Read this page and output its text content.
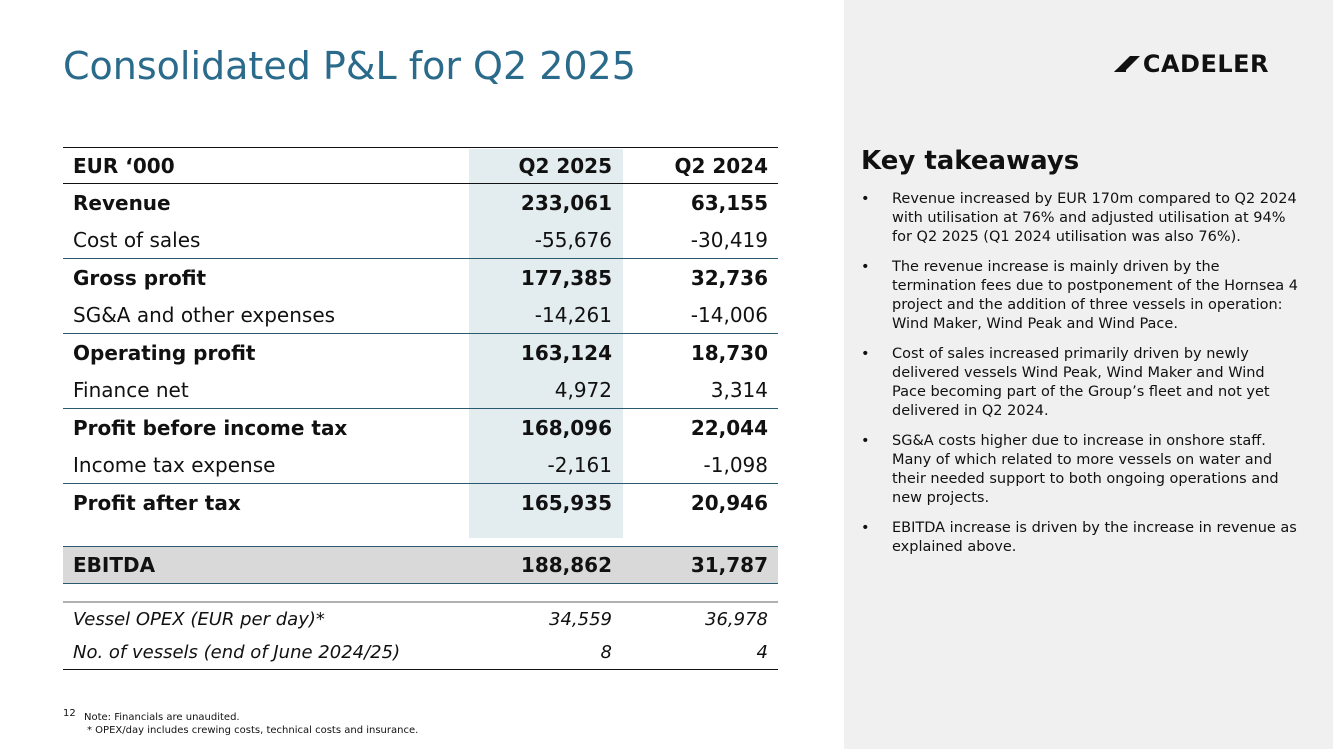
Consolidated P&L for Q2 2025	CADELER
EUR ‘000	Q2 2025	Q2 2024
Revenue	233,061	63,155
Cost of sales	-55,676	-30,419
Gross profit	177,385	32,736
SG&A and other expenses	-14,261	-14,006
Operating profit	163,124	18,730
Finance net	4,972	3,314
Profit before income tax	168,096	22,044
Income tax expense	-2,161	-1,098
Profit after tax	165,935	20,946
EBITDA	188,862	31,787
Vessel OPEX (EUR per day)*	34,559	36,978
No. of vessels (end of June 2024/25)	8	4
Key takeaways
• Revenue increased by EUR 170m compared to Q2 2024 with utilisation at 76% and adjusted utilisation at 94% for Q2 2025 (Q1 2024 utilisation was also 76%).
• The revenue increase is mainly driven by the termination fees due to postponement of the Hornsea 4 project and the addition of three vessels in operation: Wind Maker, Wind Peak and Wind Pace.
• Cost of sales increased primarily driven by newly delivered vessels Wind Peak, Wind Maker and Wind Pace becoming part of the Group’s fleet and not yet delivered in Q2 2024.
• SG&A costs higher due to increase in onshore staff. Many of which related to more vessels on water and their needed support to both ongoing operations and new projects.
• EBITDA increase is driven by the increase in revenue as explained above.
12 Note: Financials are unaudited.
* OPEX/day includes crewing costs, technical costs and insurance.
